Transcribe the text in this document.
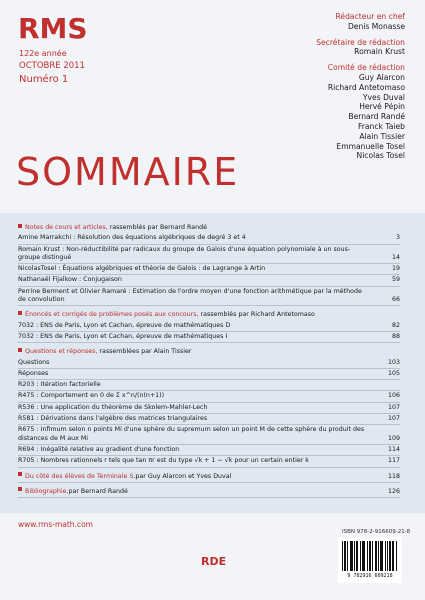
RMS
122e année
OCTOBRE 2011
Numéro 1
Rédacteur en chef
Denis Monasse
Secrétaire de rédaction
Romain Krust
Comité de rédaction
Guy Alarcon
Richard Antetomaso
Yves Duval
Hervé Pépin
Bernard Randé
Franck Taieb
Alain Tissier
Emmanuelle Tosel
Nicolas Tosel
SOMMAIRE
Notes de cours et articles, rassemblés par Bernard Randé
Amine Marrakchi : Résolution des équations algébriques de degré 3 et 4	3
Romain Krust : Non-réductibilité par radicaux du groupe de Galois d'une équation polynomiale à un sous-groupe distingué	14
NicolasTosel : Équations algébriques et théorie de Galois : de Lagrange à Artin	19
Nathanaël Fijalkow : Conjugaison	59
Perrine Berment et Olivier Ramaré : Estimation de l'ordre moyen d'une fonction arithmétique par la méthode de convolution	66
Énoncés et corrigés de problèmes posés aux concours, rassemblés par Richard Antetomaso
7032 : ENS de Paris, Lyon et Cachan, épreuve de mathématiques D	82
7032 : ENS de Paris, Lyon et Cachan, épreuve de mathématiques I	88
Questions et réponses, rassemblées par Alain Tissier
Questions	103
Réponses	105
R203 : Itération factorielle
R475 : Comportement en 0 de Σ x^n/(n(n+1))	106
R536 : Une application du théorème de Skolem-Mahler-Lech	107
R581 : Dérivations dans l'algèbre des matrices triangulaires	107
R675 : Infimum selon n points Mi d'une sphère du supremum selon un point M de cette sphère du produit des distances de M aux Mi	109
R694 : Inégalité relative au gradient d'une fonction	114
R705 : Nombres rationnels r tels que tan πr est du type √k + 1 − √k pour un certain entier k	117
Du côté des élèves de Terminale S, par Guy Alarcon et Yves Duval	118
Bibliographie, par Bernard Randé	126
www.rms-math.com
ISBN 978-2-916609-21-8
RDE
9 782916 609218
